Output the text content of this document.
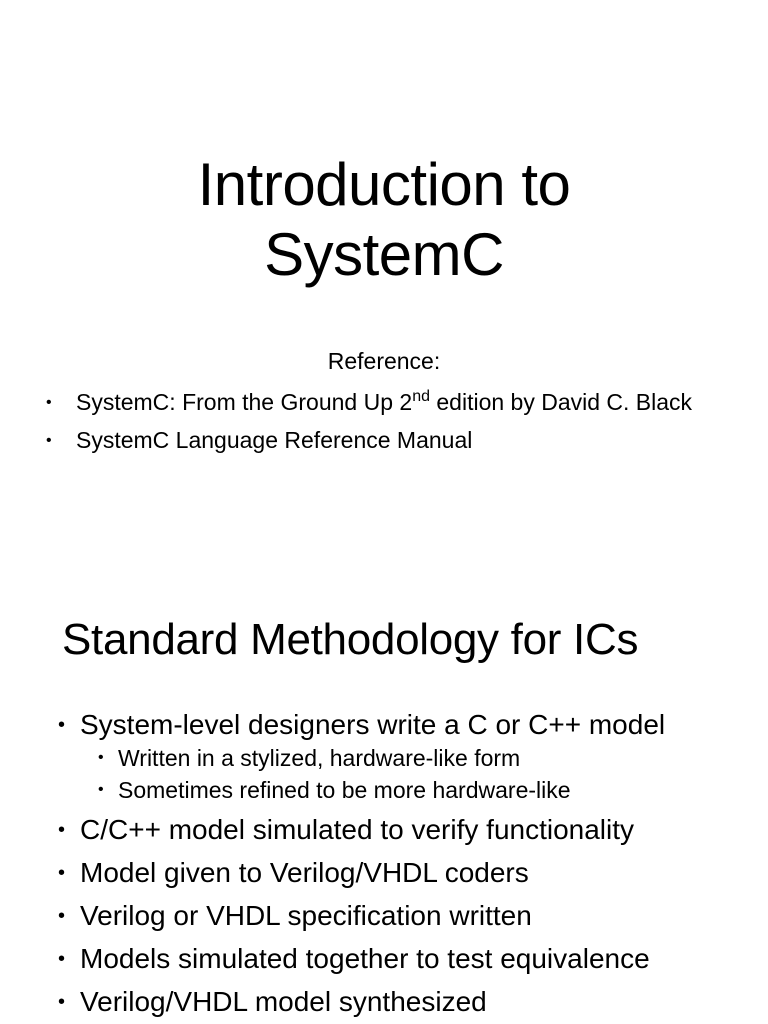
Introduction to
SystemC
Reference:
• SystemC: From the Ground Up 2nd edition by David C. Black
• SystemC Language Reference Manual
Standard Methodology for ICs
• System-level designers write a C or C++ model
• Written in a stylized, hardware-like form
• Sometimes refined to be more hardware-like
• C/C++ model simulated to verify functionality
• Model given to Verilog/VHDL coders
• Verilog or VHDL specification written
• Models simulated together to test equivalence
• Verilog/VHDL model synthesized
